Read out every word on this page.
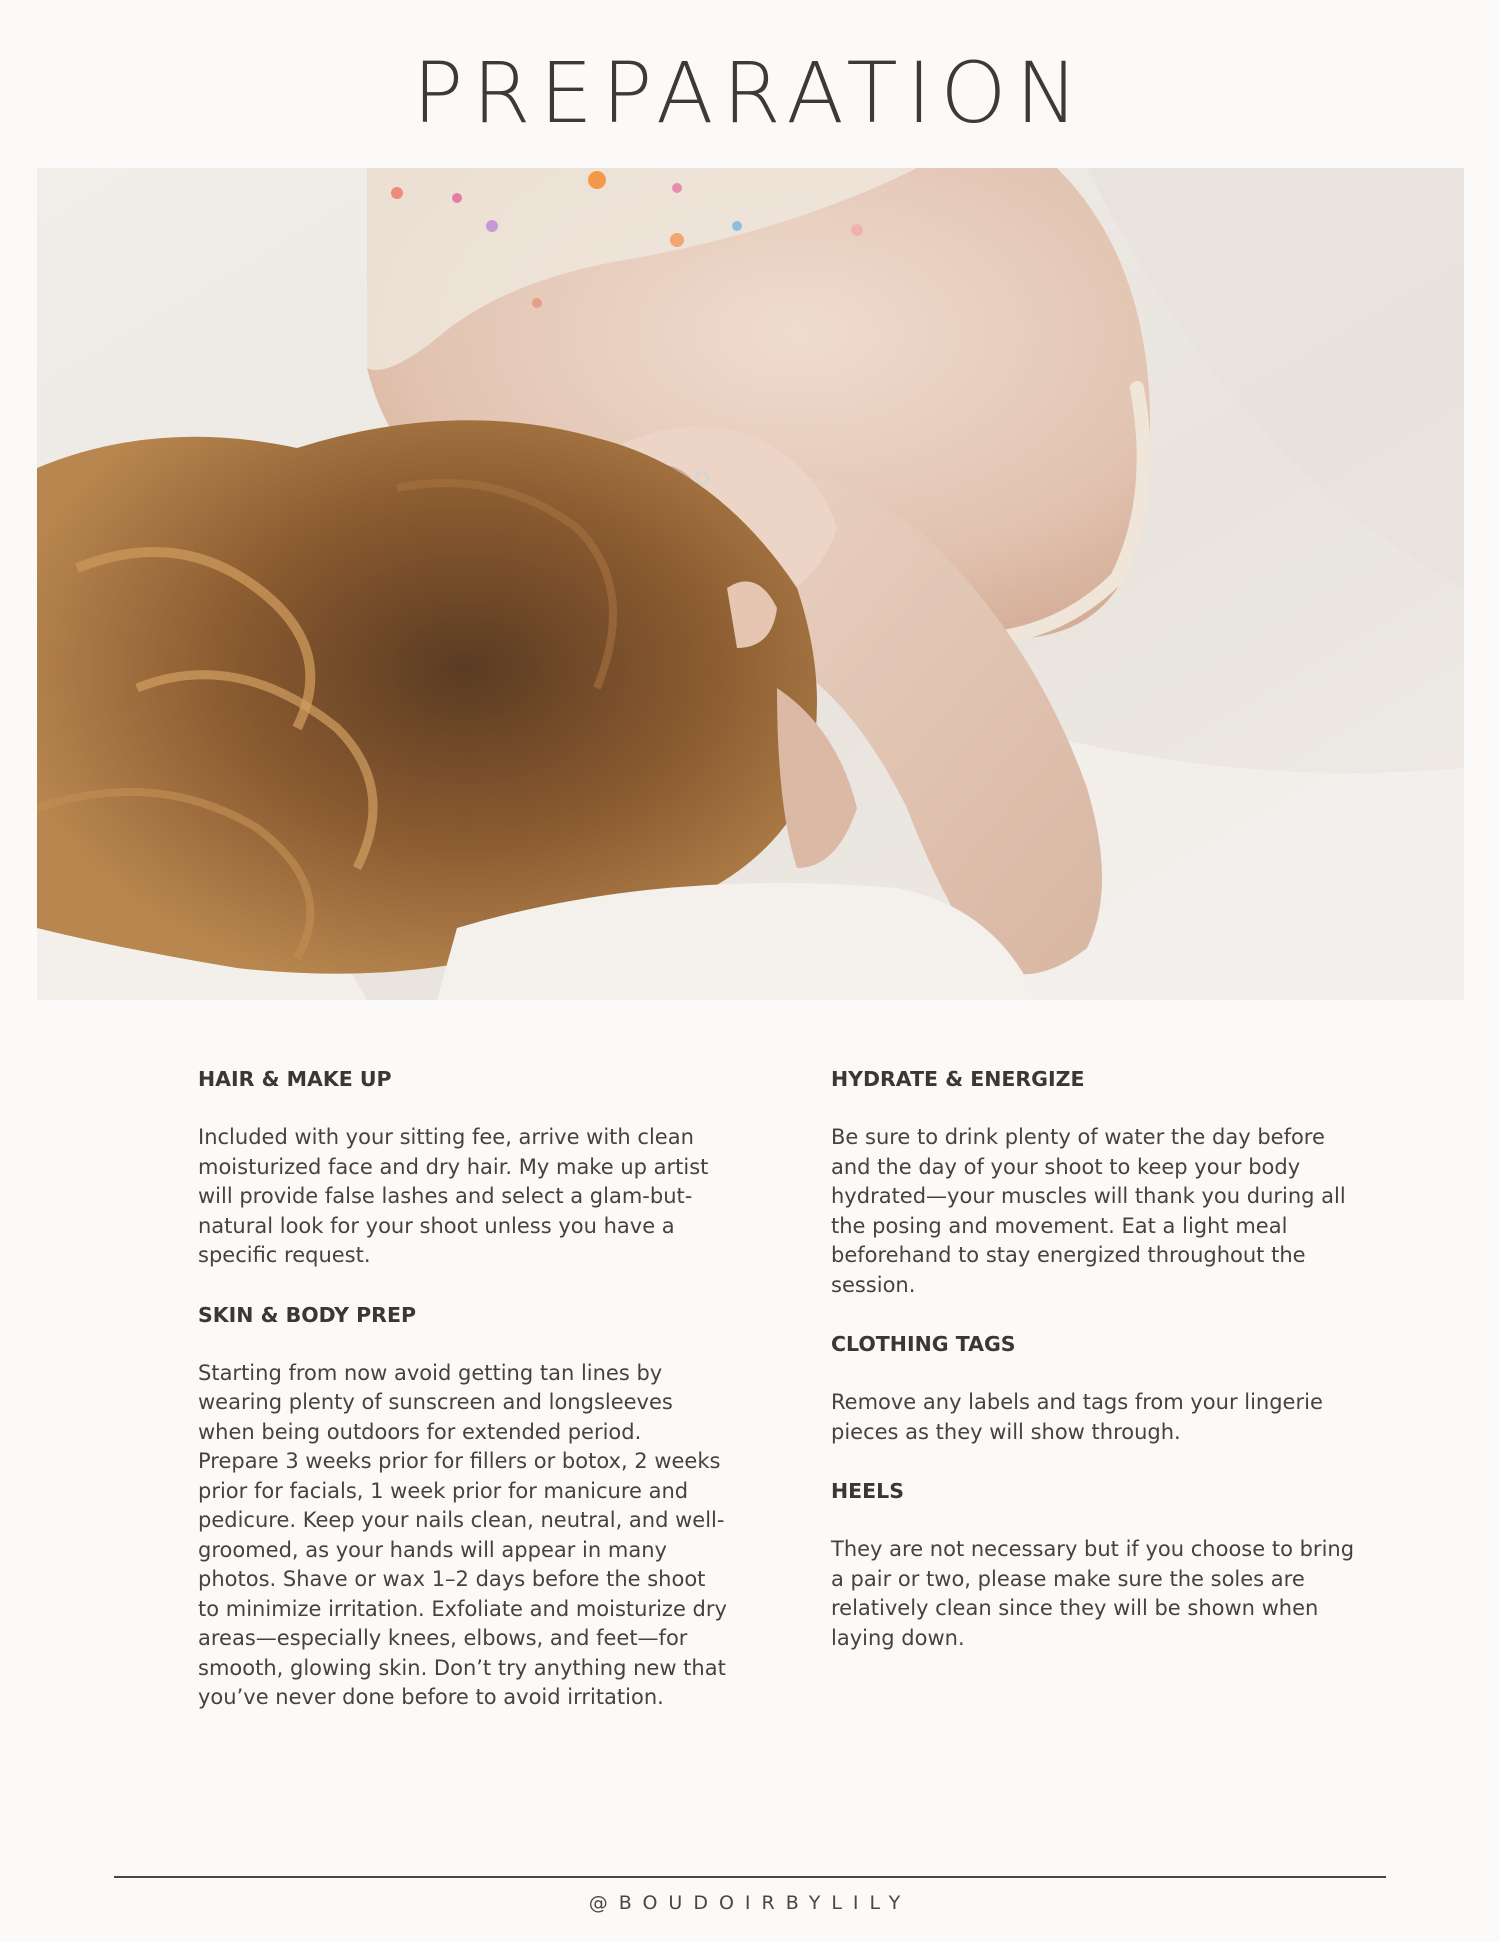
PREPARATION
HAIR & MAKE UP

Included with your sitting fee, arrive with clean moisturized face and dry hair. My make up artist will provide false lashes and select a glam-but-natural look for your shoot unless you have a specific request.

SKIN & BODY PREP

Starting from now avoid getting tan lines by wearing plenty of sunscreen and longsleeves when being outdoors for extended period. Prepare 3 weeks prior for fillers or botox, 2 weeks prior for facials, 1 week prior for manicure and pedicure. Keep your nails clean, neutral, and well-groomed, as your hands will appear in many photos. Shave or wax 1–2 days before the shoot to minimize irritation. Exfoliate and moisturize dry areas—especially knees, elbows, and feet—for smooth, glowing skin. Don’t try anything new that you’ve never done before to avoid irritation.

HYDRATE & ENERGIZE

Be sure to drink plenty of water the day before and the day of your shoot to keep your body hydrated—your muscles will thank you during all the posing and movement. Eat a light meal beforehand to stay energized throughout the session.

CLOTHING TAGS

Remove any labels and tags from your lingerie pieces as they will show through.

HEELS

They are not necessary but if you choose to bring a pair or two, please make sure the soles are relatively clean since they will be shown when laying down.

@BOUDOIRBYLILY
